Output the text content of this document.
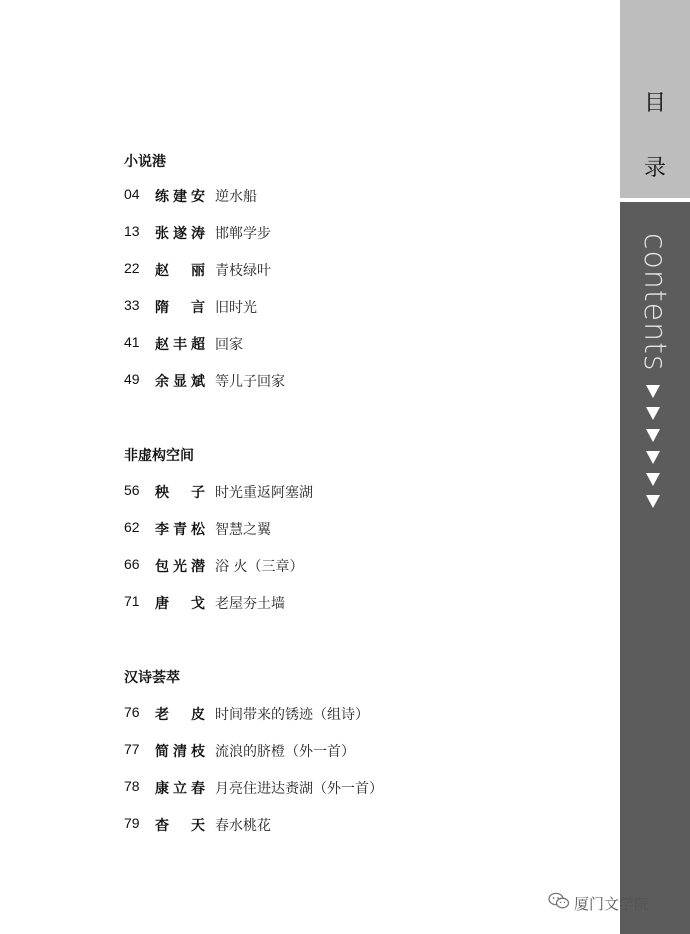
目
录
contents
小说港
04	练建安 逆水船
13	张遂涛 邯郸学步
22	赵丽 青枝绿叶
33	隋言 旧时光
41	赵丰超 回家
49	余显斌 等儿子回家
非虚构空间
56	秧子 时光重返阿塞湖
62	李青松 智慧之翼
66	包光潜 浴 火（三章）
71	唐戈 老屋夯土墙
汉诗荟萃
76	老皮 时间带来的锈迹（组诗）
77	简清枝 流浪的脐橙（外一首）
78	康立春 月亮住进达赉湖（外一首）
79	杳天 春水桃花
厦门文学院
